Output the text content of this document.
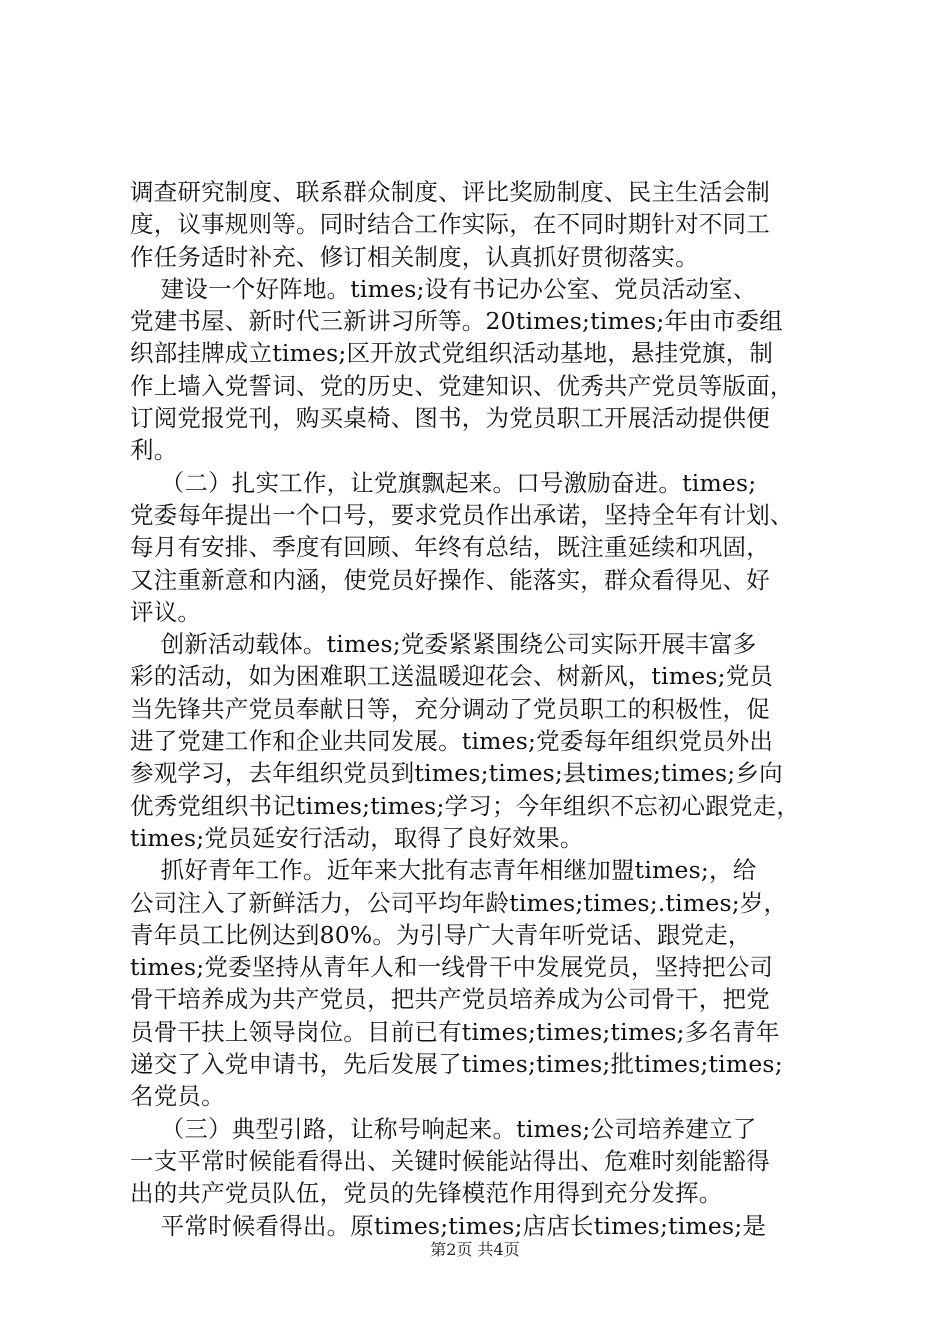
调查研究制度、联系群众制度、评比奖励制度、民主生活会制
度，议事规则等。同时结合工作实际，在不同时期针对不同工
作任务适时补充、修订相关制度，认真抓好贯彻落实。
建设一个好阵地。times;设有书记办公室、党员活动室、
党建书屋、新时代三新讲习所等。20times;times;年由市委组
织部挂牌成立times;区开放式党组织活动基地，悬挂党旗，制
作上墙入党誓词、党的历史、党建知识、优秀共产党员等版面，
订阅党报党刊，购买桌椅、图书，为党员职工开展活动提供便
利。
（二）扎实工作，让党旗飘起来。口号激励奋进。times;
党委每年提出一个口号，要求党员作出承诺，坚持全年有计划、
每月有安排、季度有回顾、年终有总结，既注重延续和巩固，
又注重新意和内涵，使党员好操作、能落实，群众看得见、好
评议。
创新活动载体。times;党委紧紧围绕公司实际开展丰富多
彩的活动，如为困难职工送温暖迎花会、树新风，times;党员
当先锋共产党员奉献日等，充分调动了党员职工的积极性，促
进了党建工作和企业共同发展。times;党委每年组织党员外出
参观学习，去年组织党员到times;times;县times;times;乡向
优秀党组织书记times;times;学习；今年组织不忘初心跟党走，
times;党员延安行活动，取得了良好效果。
抓好青年工作。近年来大批有志青年相继加盟times;，给
公司注入了新鲜活力，公司平均年龄times;times;.times;岁，
青年员工比例达到80%。为引导广大青年听党话、跟党走，
times;党委坚持从青年人和一线骨干中发展党员，坚持把公司
骨干培养成为共产党员，把共产党员培养成为公司骨干，把党
员骨干扶上领导岗位。目前已有times;times;times;多名青年
递交了入党申请书，先后发展了times;times;批times;times;
名党员。
（三）典型引路，让称号响起来。times;公司培养建立了
一支平常时候能看得出、关键时候能站得出、危难时刻能豁得
出的共产党员队伍，党员的先锋模范作用得到充分发挥。
平常时候看得出。原times;times;店店长times;times;是
第2页 共4页
